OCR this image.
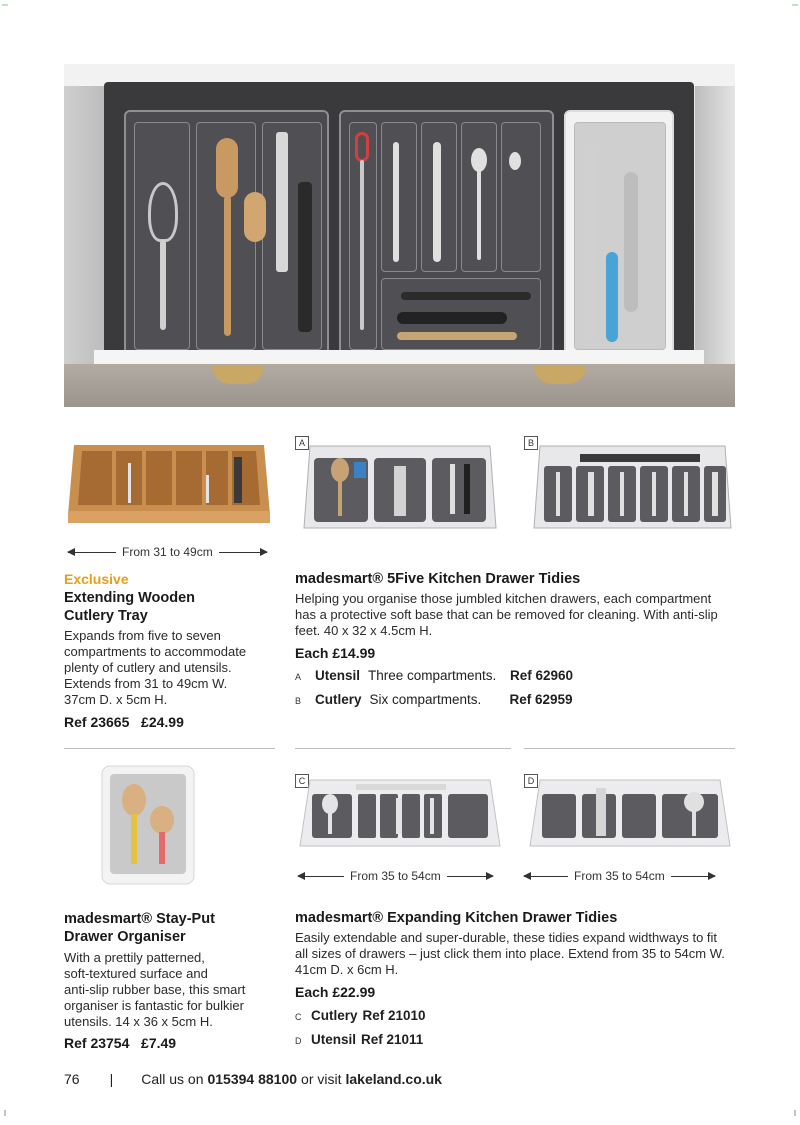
A	B
From 31 to 49cm
Exclusive
Extending Wooden
Cutlery Tray
Expands from five to seven
compartments to accommodate
plenty of cutlery and utensils.
Extends from 31 to 49cm W.
37cm D. x 5cm H.
Ref 23665   £24.99
madesmart® 5Five Kitchen Drawer Tidies
Helping you organise those jumbled kitchen drawers, each compartment
has a protective soft base that can be removed for cleaning. With anti-slip
feet. 40 x 32 x 4.5cm H.
Each £14.99
A	Utensil Three compartments.	Ref 62960
B	Cutlery Six compartments.	Ref 62959
C	D
From 35 to 54cm	From 35 to 54cm
madesmart® Stay-Put
Drawer Organiser
With a prettily patterned,
soft-textured surface and
anti-slip rubber base, this smart
organiser is fantastic for bulkier
utensils. 14 x 36 x 5cm H.
Ref 23754   £7.49
madesmart® Expanding Kitchen Drawer Tidies
Easily extendable and super-durable, these tidies expand widthways to fit
all sizes of drawers – just click them into place. Extend from 35 to 54cm W.
41cm D. x 6cm H.
Each £22.99
C Cutlery Ref 21010
D Utensil Ref 21011
76 | Call us on 015394 88100 or visit lakeland.co.uk
